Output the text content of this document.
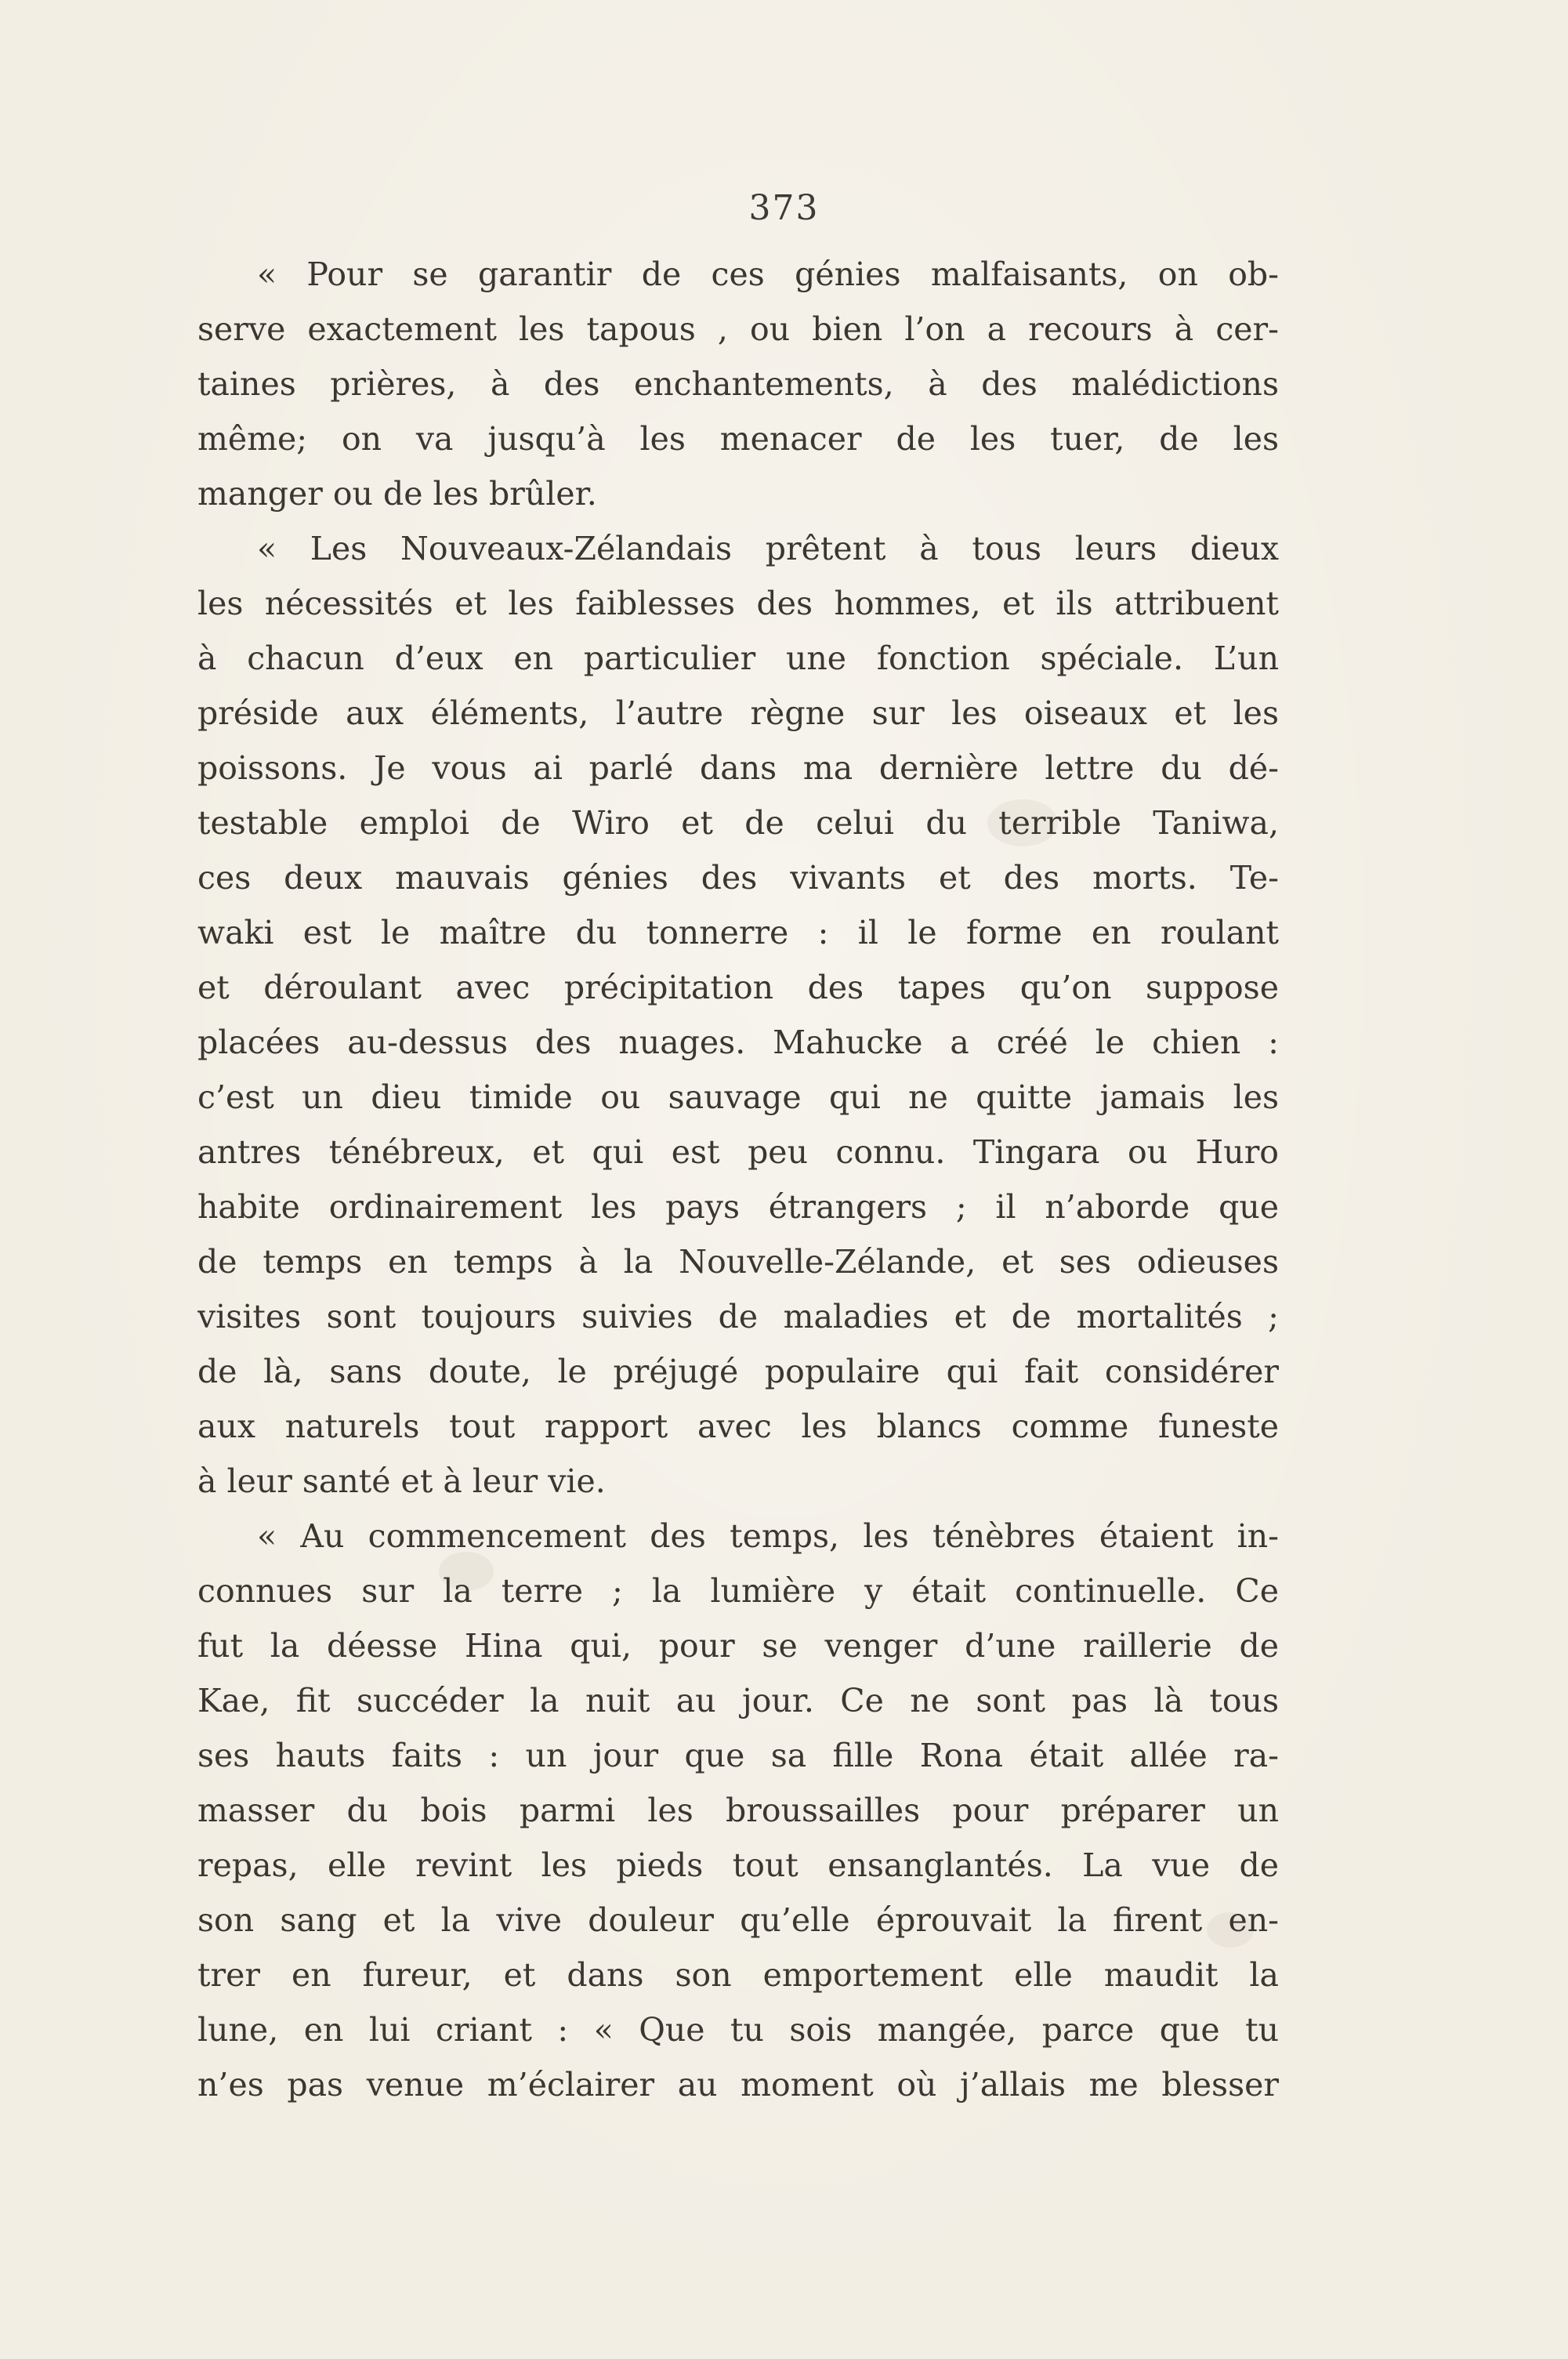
373
« Pour se garantir de ces génies malfaisants, on ob-
serve exactement les tapous , ou bien l’on a recours à cer-
taines prières, à des enchantements, à des malédictions
même; on va jusqu’à les menacer de les tuer, de les
manger ou de les brûler.
« Les Nouveaux-Zélandais prêtent à tous leurs dieux
les nécessités et les faiblesses des hommes, et ils attribuent
à chacun d’eux en particulier une fonction spéciale. L’un
préside aux éléments, l’autre règne sur les oiseaux et les
poissons. Je vous ai parlé dans ma dernière lettre du dé-
testable emploi de Wiro et de celui du terrible Taniwa,
ces deux mauvais génies des vivants et des morts. Te-
waki est le maître du tonnerre : il le forme en roulant
et déroulant avec précipitation des tapes qu’on suppose
placées au-dessus des nuages. Mahucke a créé le chien :
c’est un dieu timide ou sauvage qui ne quitte jamais les
antres ténébreux, et qui est peu connu. Tingara ou Huro
habite ordinairement les pays étrangers ; il n’aborde que
de temps en temps à la Nouvelle-Zélande, et ses odieuses
visites sont toujours suivies de maladies et de mortalités ;
de là, sans doute, le préjugé populaire qui fait considérer
aux naturels tout rapport avec les blancs comme funeste
à leur santé et à leur vie.
« Au commencement des temps, les ténèbres étaient in-
connues sur la terre ; la lumière y était continuelle. Ce
fut la déesse Hina qui, pour se venger d’une raillerie de
Kae, fit succéder la nuit au jour. Ce ne sont pas là tous
ses hauts faits : un jour que sa fille Rona était allée ra-
masser du bois parmi les broussailles pour préparer un
repas, elle revint les pieds tout ensanglantés. La vue de
son sang et la vive douleur qu’elle éprouvait la firent en-
trer en fureur, et dans son emportement elle maudit la
lune, en lui criant : « Que tu sois mangée, parce que tu
n’es pas venue m’éclairer au moment où j’allais me blesser
